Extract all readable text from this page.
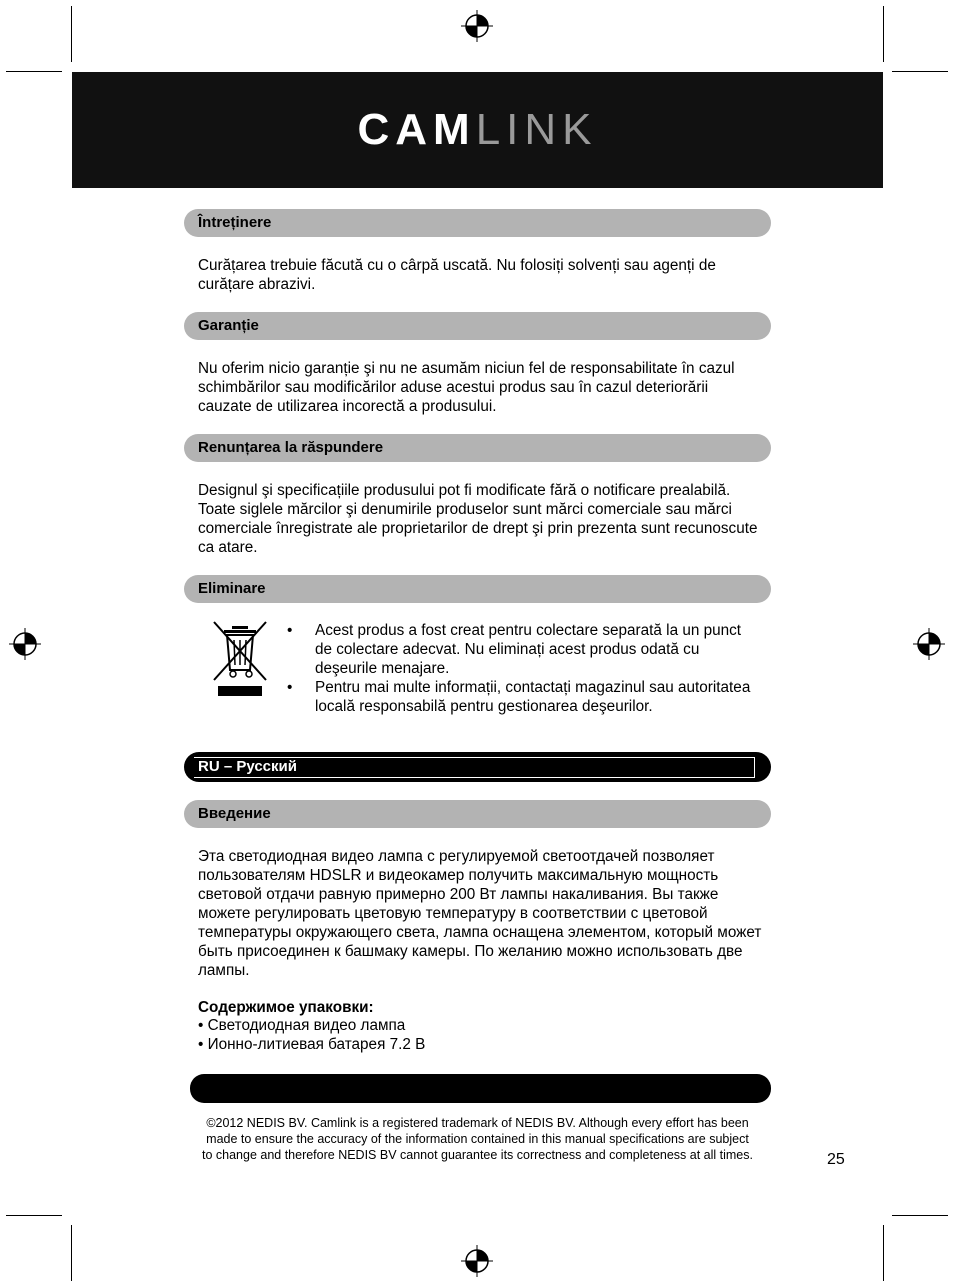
CAMLINK
Întreținere

Curățarea trebuie făcută cu o cârpă uscată. Nu folosiți solvenți sau agenți de curățare abrazivi.

Garanție

Nu oferim nicio garanție şi nu ne asumăm niciun fel de responsabilitate în cazul schimbărilor sau modificărilor aduse acestui produs sau în cazul deteriorării cauzate de utilizarea incorectă a produsului.

Renunțarea la răspundere

Designul şi specificațiile produsului pot fi modificate fără o notificare prealabilă. Toate siglele mărcilor şi denumirile produselor sunt mărci comerciale sau mărci comerciale înregistrate ale proprietarilor de drept şi prin prezenta sunt recunoscute ca atare.

Eliminare
• Acest produs a fost creat pentru colectare separată la un punct de colectare adecvat. Nu eliminați acest produs odată cu deşeurile menajare.
• Pentru mai multe informații, contactați magazinul sau autoritatea locală responsabilă pentru gestionarea deşeurilor.
RU – Русский
Введение

Эта светодиодная видео лампа с регулируемой светоотдачей позволяет пользователям HDSLR и видеокамер получить максимальную мощность световой отдачи равную примерно 200 Вт лампы накаливания. Вы также можете регулировать цветовую температуру в соответствии с цветовой температуры окружающего света, лампа оснащена элементом, который может быть присоединен к башмаку камеры. По желанию можно использовать две лампы.

Содержимое упаковки:

• Светодиодная видео лампа

• Ионно-литиевая батарея 7.2 В

©2012 NEDIS BV. Camlink is a registered trademark of NEDIS BV. Although every effort has been made to ensure the accuracy of the information contained in this manual specifications are subject to change and therefore NEDIS BV cannot guarantee its correctness and completeness at all times.	25
